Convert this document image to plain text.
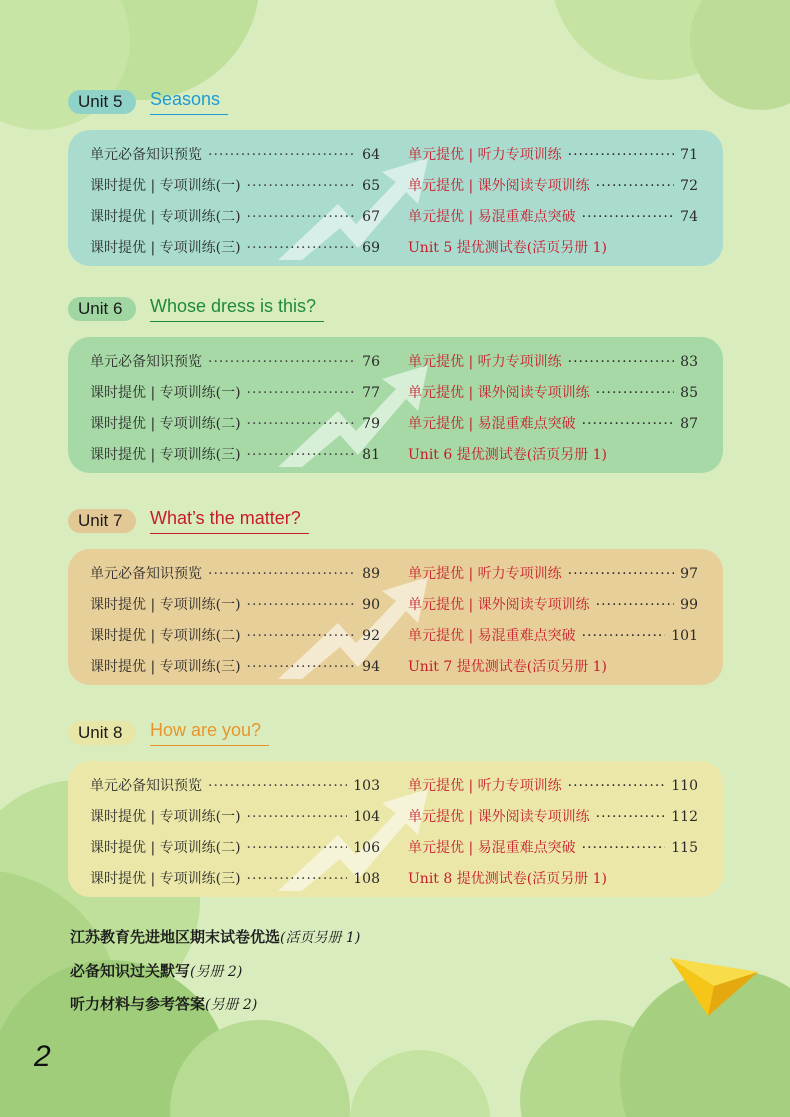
Unit 5	Seasons
单元必备知识预览 ·····	64
课时提优 | 专项训练(一) ·····	65
课时提优 | 专项训练(二) ·····	67
课时提优 | 专项训练(三) ·····	69
单元提优 | 听力专项训练 ·····	71
单元提优 | 课外阅读专项训练 ·····	72
单元提优 | 易混重难点突破 ·····	74
Unit 5 提优测试卷(活页另册 1)
Unit 6	Whose dress is this?
单元必备知识预览 ·····	76
课时提优 | 专项训练(一) ·····	77
课时提优 | 专项训练(二) ·····	79
课时提优 | 专项训练(三) ·····	81
单元提优 | 听力专项训练 ·····	83
单元提优 | 课外阅读专项训练 ·····	85
单元提优 | 易混重难点突破 ·····	87
Unit 6 提优测试卷(活页另册 1)
Unit 7	What’s the matter?
单元必备知识预览 ·····	89
课时提优 | 专项训练(一) ·····	90
课时提优 | 专项训练(二) ·····	92
课时提优 | 专项训练(三) ·····	94
单元提优 | 听力专项训练 ·····	97
单元提优 | 课外阅读专项训练 ·····	99
单元提优 | 易混重难点突破 ·····	101
Unit 7 提优测试卷(活页另册 1)
Unit 8	How are you?
单元必备知识预览 ·····	103
课时提优 | 专项训练(一) ·····	104
课时提优 | 专项训练(二) ·····	106
课时提优 | 专项训练(三) ·····	108
单元提优 | 听力专项训练 ·····	110
单元提优 | 课外阅读专项训练 ·····	112
单元提优 | 易混重难点突破 ·····	115
Unit 8 提优测试卷(活页另册 1)
江苏教育先进地区期末试卷优选(活页另册 1)
必备知识过关默写(另册 2)
听力材料与参考答案(另册 2)
2
